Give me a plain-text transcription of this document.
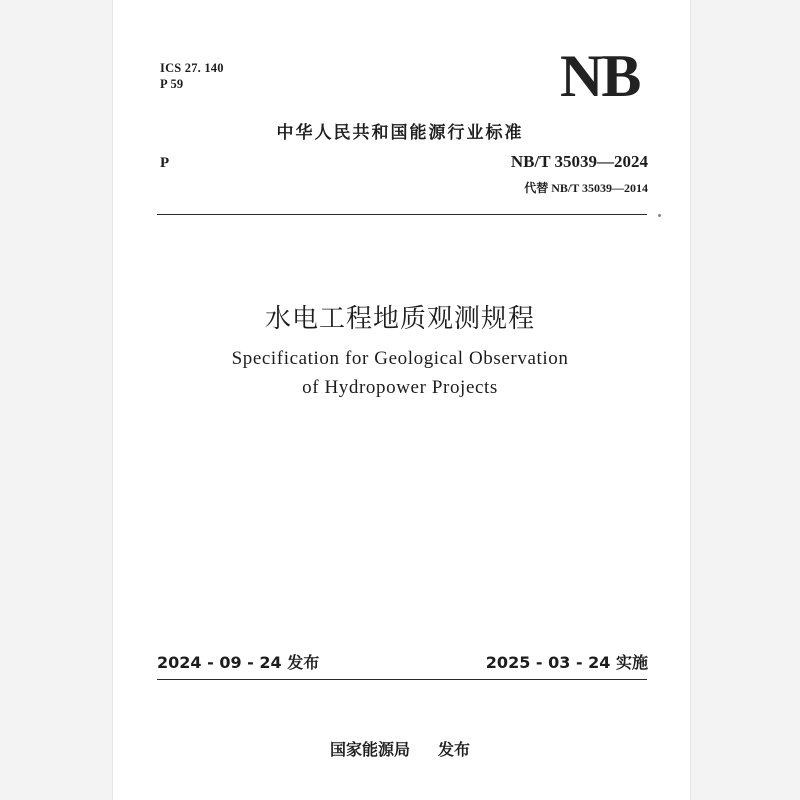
ICS 27. 140
P 59	NB
中华人民共和国能源行业标准
P	NB/T 35039—2024
代替 NB/T 35039—2014
水电工程地质观测规程
Specification for Geological Observation
of Hydropower Projects
2024 - 09 - 24 发布	2025 - 03 - 24 实施
国家能源局 发布
